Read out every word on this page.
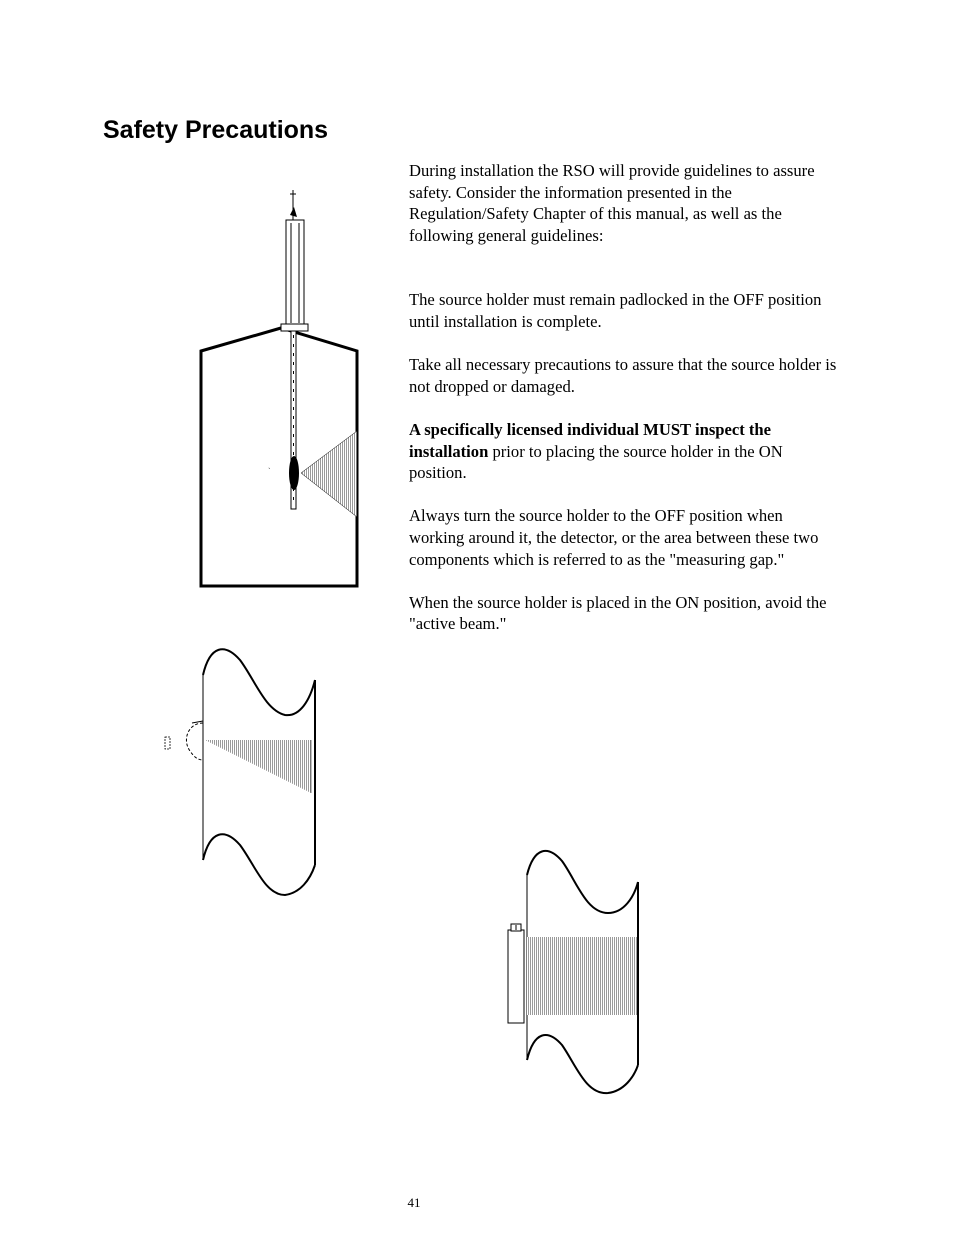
Safety Precautions

During installation the RSO will provide guidelines to assure safety. Consider the information presented in the Regulation/Safety Chapter of this manual, as well as the following general guidelines:

The source holder must remain padlocked in the OFF position until installation is complete.

Take all necessary precautions to assure that the source holder is not dropped or damaged.

A specifically licensed individual MUST inspect the installation prior to placing the source holder in the ON position.

Always turn the source holder to the OFF position when working around it, the detector, or the area between these two components which is referred to as the "measuring gap."

When the source holder is placed in the ON position, avoid the "active beam."

`
41
